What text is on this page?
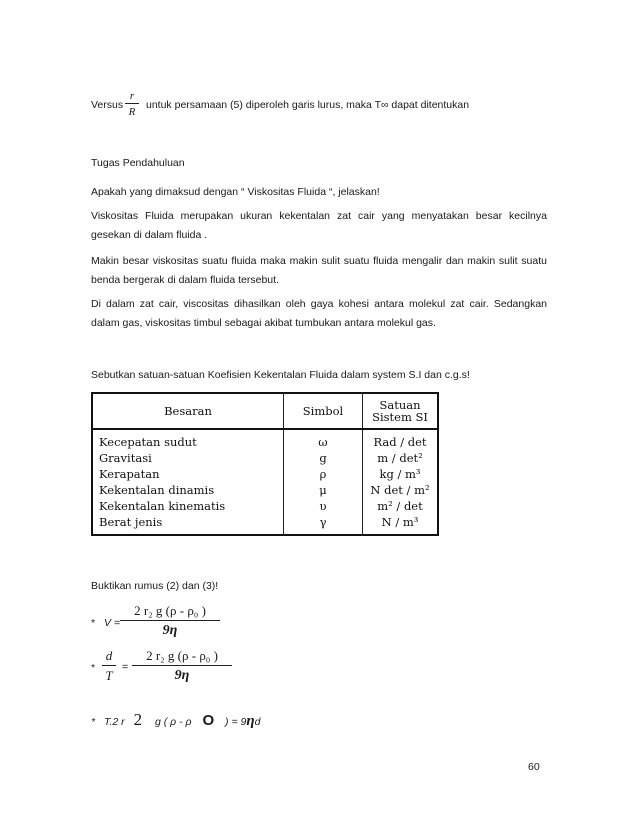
Versus
r
R
untuk persamaan (5) diperoleh garis lurus, maka T∞ dapat ditentukan
Tugas Pendahuluan
Apakah yang dimaksud dengan “ Viskositas Fluida “, jelaskan!
Viskositas Fluida merupakan ukuran kekentalan zat cair yang menyatakan besar kecilnya gesekan di dalam fluida .
Makin besar viskositas suatu fluida maka makin sulit suatu fluida mengalir dan makin sulit suatu benda bergerak di dalam fluida tersebut.
Di dalam zat cair, viscositas dihasilkan oleh gaya kohesi antara molekul zat cair. Sedangkan dalam gas, viskositas timbul sebagai akibat tumbukan antara molekul gas.
Sebutkan satuan-satuan Koefisien Kekentalan Fluida dalam system S.I dan c.g.s!
Besaran	Simbol	Satuan
Sistem SI

Kecepatan sudut	ω	Rad / det
Gravitasi	g	m / det²
Kerapatan	ρ	kg / m³
Kekentalan dinamis	μ	N det / m²
Kekentalan kinematis	υ	m² / det
Berat jenis	γ	N / m³
Buktikan rumus (2) dan (3)!
* V =
2 r₂ g (ρ - ρ₀ )
9η
*
d
T
=
2 r₂ g (ρ - ρ₀ )
9η
* T.2 r 2 g ( ρ - ρ O ) = 9ηd
60
